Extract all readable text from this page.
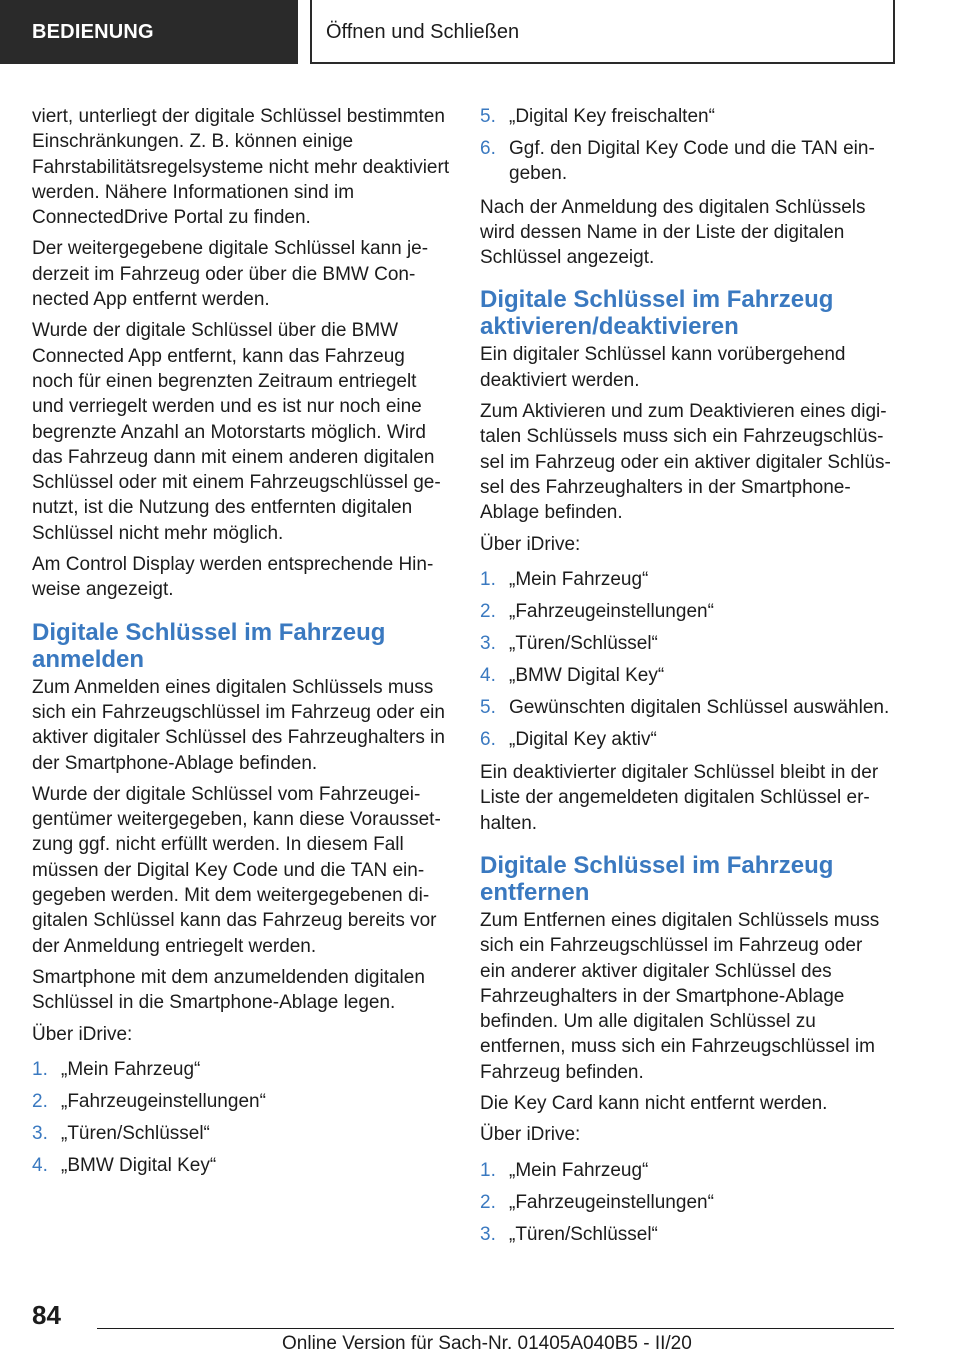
BEDIENUNG	Öffnen und Schließen

viert, unterliegt der digitale Schlüssel bestimmten Einschränkungen. Z. B. können einige Fahrstabilitätsregelsysteme nicht mehr deaktiviert werden. Nähere Informationen sind im ConnectedDrive Portal zu finden.

Der weitergegebene digitale Schlüssel kann jederzeit im Fahrzeug oder über die BMW Connected App entfernt werden.

Wurde der digitale Schlüssel über die BMW Connected App entfernt, kann das Fahrzeug noch für einen begrenzten Zeitraum entriegelt und verriegelt werden und es ist nur noch eine begrenzte Anzahl an Motorstarts möglich. Wird das Fahrzeug dann mit einem anderen digitalen Schlüssel oder mit einem Fahrzeugschlüssel genutzt, ist die Nutzung des entfernten digitalen Schlüssel nicht mehr möglich.

Am Control Display werden entsprechende Hinweise angezeigt.

Digitale Schlüssel im Fahrzeug anmelden

Zum Anmelden eines digitalen Schlüssels muss sich ein Fahrzeugschlüssel im Fahrzeug oder ein aktiver digitaler Schlüssel des Fahrzeughalters in der Smartphone-Ablage befinden.

Wurde der digitale Schlüssel vom Fahrzeugeigentümer weitergegeben, kann diese Voraussetzung ggf. nicht erfüllt werden. In diesem Fall müssen der Digital Key Code und die TAN eingegeben werden. Mit dem weitergegebenen digitalen Schlüssel kann das Fahrzeug bereits vor der Anmeldung entriegelt werden.

Smartphone mit dem anzumeldenden digitalen Schlüssel in die Smartphone-Ablage legen.

Über iDrive:

1. „Mein Fahrzeug“
2. „Fahrzeugeinstellungen“
3. „Türen/Schlüssel“
4. „BMW Digital Key“
5. „Digital Key freischalten“
6. Ggf. den Digital Key Code und die TAN eingeben.

Nach der Anmeldung des digitalen Schlüssels wird dessen Name in der Liste der digitalen Schlüssel angezeigt.

Digitale Schlüssel im Fahrzeug aktivieren/deaktivieren

Ein digitaler Schlüssel kann vorübergehend deaktiviert werden.

Zum Aktivieren und zum Deaktivieren eines digitalen Schlüssels muss sich ein Fahrzeugschlüssel im Fahrzeug oder ein aktiver digitaler Schlüssel des Fahrzeughalters in der Smartphone-Ablage befinden.

Über iDrive:

1. „Mein Fahrzeug“
2. „Fahrzeugeinstellungen“
3. „Türen/Schlüssel“
4. „BMW Digital Key“
5. Gewünschten digitalen Schlüssel auswählen.
6. „Digital Key aktiv“

Ein deaktivierter digitaler Schlüssel bleibt in der Liste der angemeldeten digitalen Schlüssel erhalten.

Digitale Schlüssel im Fahrzeug entfernen

Zum Entfernen eines digitalen Schlüssels muss sich ein Fahrzeugschlüssel im Fahrzeug oder ein anderer aktiver digitaler Schlüssel des Fahrzeughalters in der Smartphone-Ablage befinden. Um alle digitalen Schlüssel zu entfernen, muss sich ein Fahrzeugschlüssel im Fahrzeug befinden.

Die Key Card kann nicht entfernt werden.

Über iDrive:

1. „Mein Fahrzeug“
2. „Fahrzeugeinstellungen“
3. „Türen/Schlüssel“
84
Online Version für Sach-Nr. 01405A040B5 - II/20
